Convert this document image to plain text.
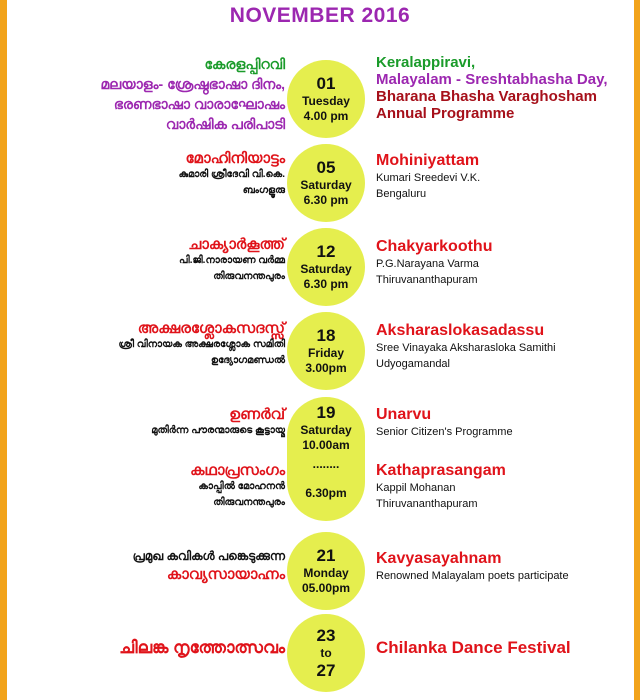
NOVEMBER 2016
കേരളപ്പിറവി
മലയാളം- ശ്രേഷ്ഠഭാഷാ ദിനം,
ഭരണഭാഷാ വാരാഘോഷം
വാർഷിക പരിപാടി
01
Tuesday
4.00 pm
Keralappiravi,
Malayalam - Sreshtabhasha Day,
Bharana Bhasha Varaghosham
Annual Programme
മോഹിനിയാട്ടം
കുമാരി ശ്രീദേവി വി.കെ.
ബംഗളൂരു
05
Saturday
6.30 pm
Mohiniyattam
Kumari Sreedevi V.K.
Bengaluru
ചാക്യാർകൂത്ത്
പി.ജി.നാരായണ വർമ്മ
തിരുവനന്തപുരം
12
Saturday
6.30 pm
Chakyarkoothu
P.G.Narayana Varma
Thiruvananthapuram
അക്ഷരശ്ലോകസദസ്സ്
ശ്രീ വിനായക അക്ഷരശ്ലോക സമിതി
ഉദ്യോഗമണ്ഡൽ
18
Friday
3.00pm
Aksharaslokasadassu
Sree Vinayaka Aksharasloka Samithi
Udyogamandal
19
Saturday
10.00am
........
6.30pm
ഉണർവ്
മുതിർന്ന പൗരന്മാരുടെ കൂട്ടായ്മ
Unarvu
Senior Citizen's Programme
കഥാപ്രസംഗം
കാപ്പിൽ മോഹനൻ
തിരുവനന്തപുരം
Kathaprasangam
Kappil Mohanan
Thiruvananthapuram
പ്രമുഖ കവികൾ പങ്കെടുക്കുന്ന
കാവ്യസായാഹ്നം
21
Monday
05.00pm
Kavyasayahnam
Renowned Malayalam poets participate
ചിലങ്ക നൃത്തോത്സവം
23
to
27
Chilanka Dance Festival
